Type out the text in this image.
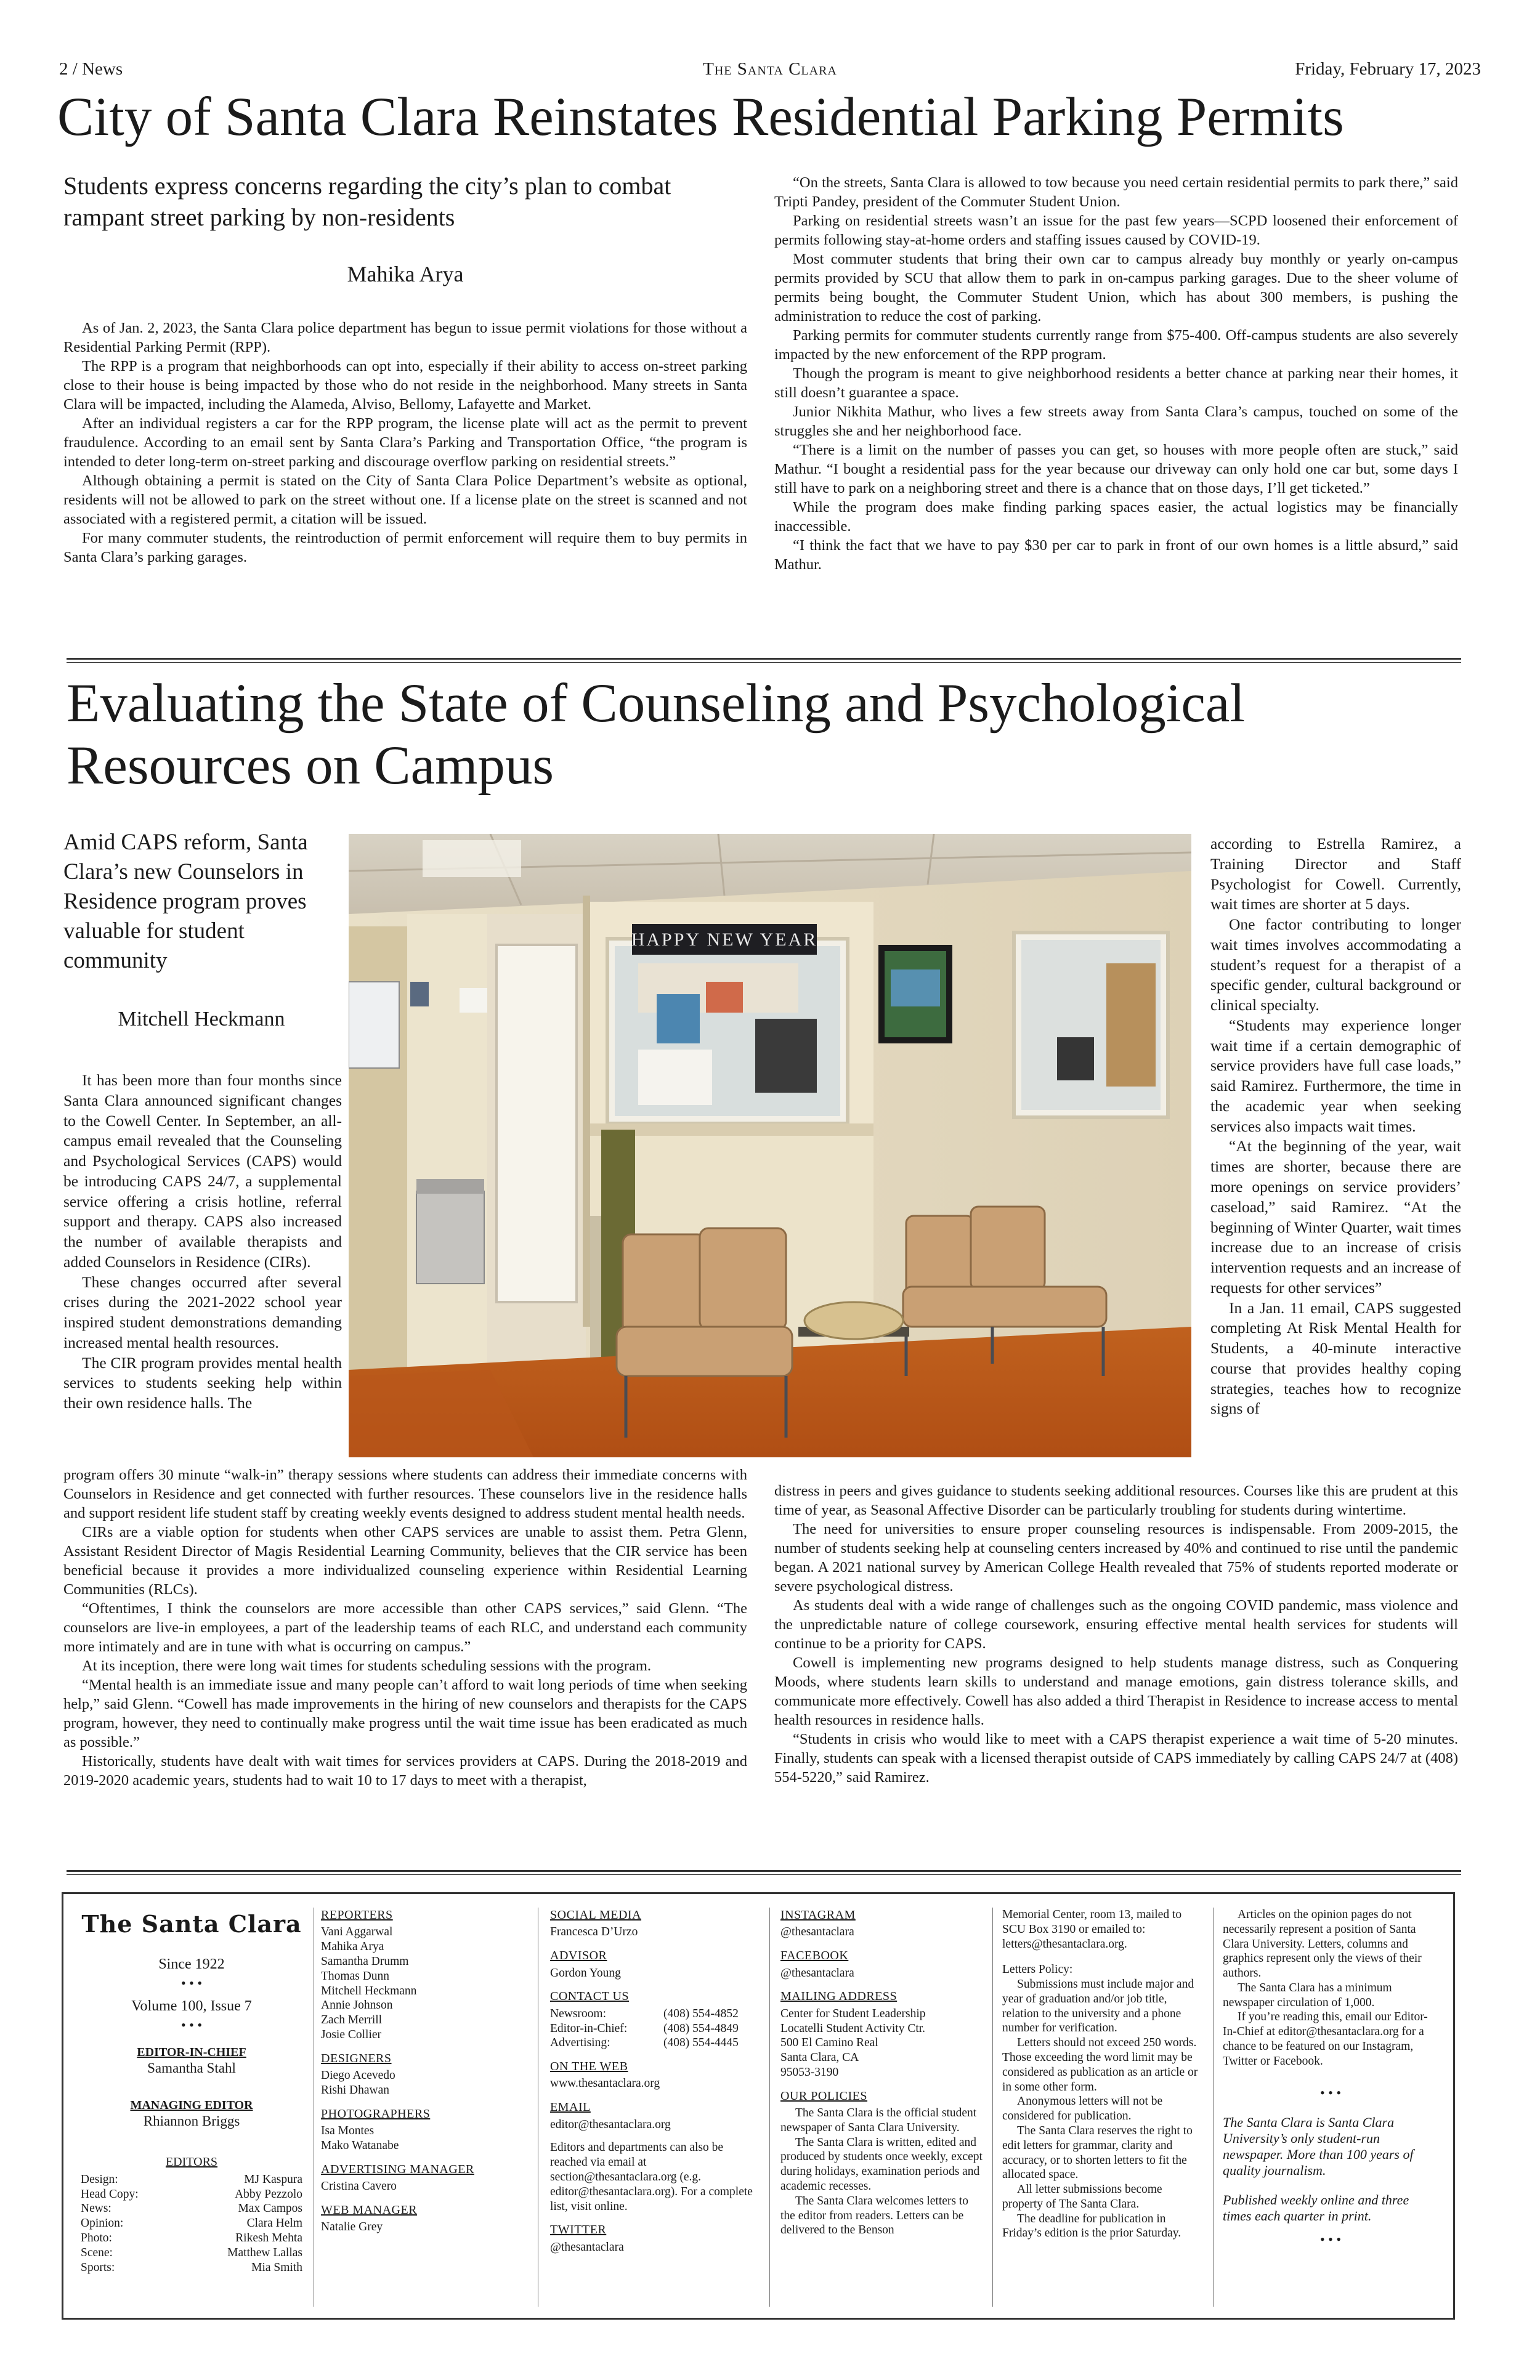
2 / News	The Santa Clara	Friday, February 17, 2023
City of Santa Clara Reinstates Residential Parking Permits
Students express concerns regarding the city’s plan to combat rampant street parking by non-residents
Mahika Arya

As of Jan. 2, 2023, the Santa Clara police department has begun to issue permit violations for those without a Residential Parking Permit (RPP).

The RPP is a program that neighborhoods can opt into, especially if their ability to access on-street parking close to their house is being impacted by those who do not reside in the neighborhood. Many streets in Santa Clara will be impacted, including the Alameda, Alviso, Bellomy, Lafayette and Market.

After an individual registers a car for the RPP program, the license plate will act as the permit to prevent fraudulence. According to an email sent by Santa Clara’s Parking and Transportation Office, “the program is intended to deter long-term on-street parking and discourage overflow parking on residential streets.”

Although obtaining a permit is stated on the City of Santa Clara Police Department’s website as optional, residents will not be allowed to park on the street without one. If a license plate on the street is scanned and not associated with a registered permit, a citation will be issued.

For many commuter students, the reintroduction of permit enforcement will require them to buy permits in Santa Clara’s parking garages.

“On the streets, Santa Clara is allowed to tow because you need certain residential permits to park there,” said Tripti Pandey, president of the Commuter Student Union.

Parking on residential streets wasn’t an issue for the past few years—SCPD loosened their enforcement of permits following stay-at-home orders and staffing issues caused by COVID-19.

Most commuter students that bring their own car to campus already buy monthly or yearly on-campus permits provided by SCU that allow them to park in on-campus parking garages. Due to the sheer volume of permits being bought, the Commuter Student Union, which has about 300 members, is pushing the administration to reduce the cost of parking.

Parking permits for commuter students currently range from $75-400. Off-campus students are also severely impacted by the new enforcement of the RPP program.

Though the program is meant to give neighborhood residents a better chance at parking near their homes, it still doesn’t guarantee a space.

Junior Nikhita Mathur, who lives a few streets away from Santa Clara’s campus, touched on some of the struggles she and her neighborhood face.

“There is a limit on the number of passes you can get, so houses with more people often are stuck,” said Mathur. “I bought a residential pass for the year because our driveway can only hold one car but, some days I still have to park on a neighboring street and there is a chance that on those days, I’ll get ticketed.”

While the program does make finding parking spaces easier, the actual logistics may be financially inaccessible.

“I think the fact that we have to pay $30 per car to park in front of our own homes is a little absurd,” said Mathur.

Evaluating the State of Counseling and Psychological
Resources on Campus
Amid CAPS reform, Santa Clara’s new Counselors in Residence program proves valuable for student community
Mitchell Heckmann
HAPPY NEW YEAR

It has been more than four months since Santa Clara announced significant changes to the Cowell Center. In September, an all-campus email revealed that the Counseling and Psychological Services (CAPS) would be introducing CAPS 24/7, a supplemental service offering a crisis hotline, referral support and therapy. CAPS also increased the number of available therapists and added Counselors in Residence (CIRs).

These changes occurred after several crises during the 2021-2022 school year inspired student demonstrations demanding increased mental health resources.

The CIR program provides mental health services to students seeking help within their own residence halls. The

program offers 30 minute “walk-in” therapy sessions where students can address their immediate concerns with Counselors in Residence and get connected with further resources. These counselors live in the residence halls and support resident life student staff by creating weekly events designed to address student mental health needs.

CIRs are a viable option for students when other CAPS services are unable to assist them. Petra Glenn, Assistant Resident Director of Magis Residential Learning Community, believes that the CIR service has been beneficial because it provides a more individualized counseling experience within Residential Learning Communities (RLCs).

“Oftentimes, I think the counselors are more accessible than other CAPS services,” said Glenn. “The counselors are live-in employees, a part of the leadership teams of each RLC, and understand each community more intimately and are in tune with what is occurring on campus.”

At its inception, there were long wait times for students scheduling sessions with the program.

“Mental health is an immediate issue and many people can’t afford to wait long periods of time when seeking help,” said Glenn. “Cowell has made improvements in the hiring of new counselors and therapists for the CAPS program, however, they need to continually make progress until the wait time issue has been eradicated as much as possible.”

Historically, students have dealt with wait times for services providers at CAPS. During the 2018-2019 and 2019-2020 academic years, students had to wait 10 to 17 days to meet with a therapist,

according to Estrella Ramirez, a Training Director and Staff Psychologist for Cowell. Currently, wait times are shorter at 5 days.

One factor contributing to longer wait times involves accommodating a student’s request for a therapist of a specific gender, cultural background or clinical specialty.

“Students may experience longer wait time if a certain demographic of service providers have full case loads,” said Ramirez. Furthermore, the time in the academic year when seeking services also impacts wait times.

“At the beginning of the year, wait times are shorter, because there are more openings on service providers’ caseload,” said Ramirez. “At the beginning of Winter Quarter, wait times increase due to an increase of crisis intervention requests and an increase of requests for other services”

In a Jan. 11 email, CAPS suggested completing At Risk Mental Health for Students, a 40-minute interactive course that provides healthy coping strategies, teaches how to recognize signs of

distress in peers and gives guidance to students seeking additional resources. Courses like this are prudent at this time of year, as Seasonal Affective Disorder can be particularly troubling for students during wintertime.

The need for universities to ensure proper counseling resources is indispensable. From 2009-2015, the number of students seeking help at counseling centers increased by 40% and continued to rise until the pandemic began. A 2021 national survey by American College Health revealed that 75% of students reported moderate or severe psychological distress.

As students deal with a wide range of challenges such as the ongoing COVID pandemic, mass violence and the unpredictable nature of college coursework, ensuring effective mental health services for students will continue to be a priority for CAPS.

Cowell is implementing new programs designed to help students manage distress, such as Conquering Moods, where students learn skills to understand and manage emotions, gain distress tolerance skills, and communicate more effectively. Cowell has also added a third Therapist in Residence to increase access to mental health resources in residence halls.

“Students in crisis who would like to meet with a CAPS therapist experience a wait time of 5-20 minutes. Finally, students can speak with a licensed therapist outside of CAPS immediately by calling CAPS 24/7 at (408) 554-5220,” said Ramirez.

The Santa Clara
Since 1922
• • •
Volume 100, Issue 7
• • •
EDITOR-IN-CHIEF
Samantha Stahl
MANAGING EDITOR
Rhiannon Briggs
EDITORS
Design:	MJ Kaspura
Head Copy:	Abby Pezzolo
News:	Max Campos
Opinion:	Clara Helm
Photo:	Rikesh Mehta
Scene:	Matthew Lallas
Sports:	Mia Smith
REPORTERS
Vani Aggarwal
Mahika Arya
Samantha Drumm
Thomas Dunn
Mitchell Heckmann
Annie Johnson
Zach Merrill
Josie Collier
DESIGNERS
Diego Acevedo
Rishi Dhawan
PHOTOGRAPHERS
Isa Montes
Mako Watanabe
ADVERTISING MANAGER
Cristina Cavero
WEB MANAGER
Natalie Grey
SOCIAL MEDIA
Francesca D’Urzo
ADVISOR
Gordon Young
CONTACT US
Newsroom:	(408) 554-4852
Editor-in-Chief:	(408) 554-4849
Advertising:	(408) 554-4445
ON THE WEB
www.thesantaclara.org
EMAIL
editor@thesantaclara.org
Editors and departments can also be reached via email at section@thesantaclara.org (e.g. editor@thesantaclara.org). For a complete list, visit online.
TWITTER
@thesantaclara
INSTAGRAM
@thesantaclara
FACEBOOK
@thesantaclara
MAILING ADDRESS
Center for Student Leadership
Locatelli Student Activity Ctr.
500 El Camino Real
Santa Clara, CA
95053-3190
OUR POLICIES

The Santa Clara is the official student newspaper of Santa Clara University.

The Santa Clara is written, edited and produced by students once weekly, except during holidays, examination periods and academic recesses.

The Santa Clara welcomes letters to the editor from readers. Letters can be delivered to the Benson

Memorial Center, room 13, mailed to SCU Box 3190 or emailed to: letters@thesantaclara.org.
Letters Policy:

Submissions must include major and year of graduation and/or job title, relation to the university and a phone number for verification.

Letters should not exceed 250 words. Those exceeding the word limit may be considered as publication as an article or in some other form.

Anonymous letters will not be considered for publication.

The Santa Clara reserves the right to edit letters for grammar, clarity and accuracy, or to shorten letters to fit the allocated space.

All letter submissions become property of The Santa Clara.

The deadline for publication in Friday’s edition is the prior Saturday.

Articles on the opinion pages do not necessarily represent a position of Santa Clara University. Letters, columns and graphics represent only the views of their authors.

The Santa Clara has a minimum newspaper circulation of 1,000.

If you’re reading this, email our Editor-In-Chief at editor@thesantaclara.org for a chance to be featured on our Instagram, Twitter or Facebook.

• • •
The Santa Clara is Santa Clara University’s only student-run newspaper. More than 100 years of quality journalism.
Published weekly online and three times each quarter in print.
• • •
